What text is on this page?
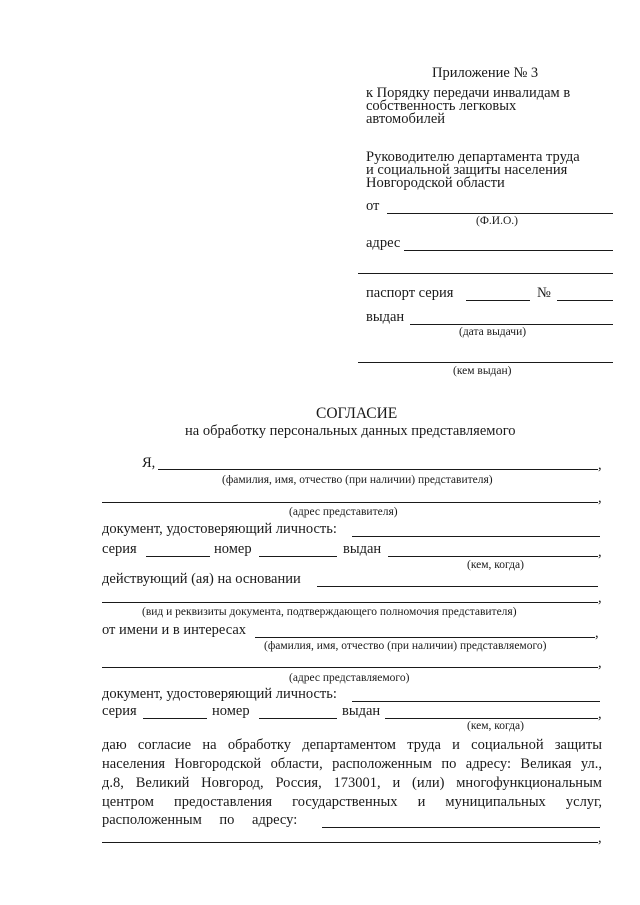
Приложение № 3
к Порядку передачи инвалидам в
собственность легковых
автомобилей
Руководителю департамента труда
и социальной защиты населения
Новгородской области
от
(Ф.И.О.)
адрес
паспорт серия	№
выдан
(дата выдачи)
(кем выдан)
СОГЛАСИЕ
на обработку персональных данных представляемого
Я,	,
(фамилия, имя, отчество (при наличии) представителя)
,
(адрес представителя)
документ, удостоверяющий личность:
серия	номер	выдан	,
(кем, когда)
действующий (ая) на основании
,
(вид и реквизиты документа, подтверждающего полномочия представителя)
от имени и в интересах	,
(фамилия, имя, отчество (при наличии) представляемого)
,
(адрес представляемого)
документ, удостоверяющий личность:
серия	номер	выдан	,
(кем, когда)
даю согласие на обработку департаментом труда и социальной защиты
населения Новгородской области, расположенным по адресу: Великая ул.,
д.8, Великий Новгород, Россия, 173001, и (или) многофункциональным
центром предоставления государственных и муниципальных услуг,
расположенным по адресу:
,
